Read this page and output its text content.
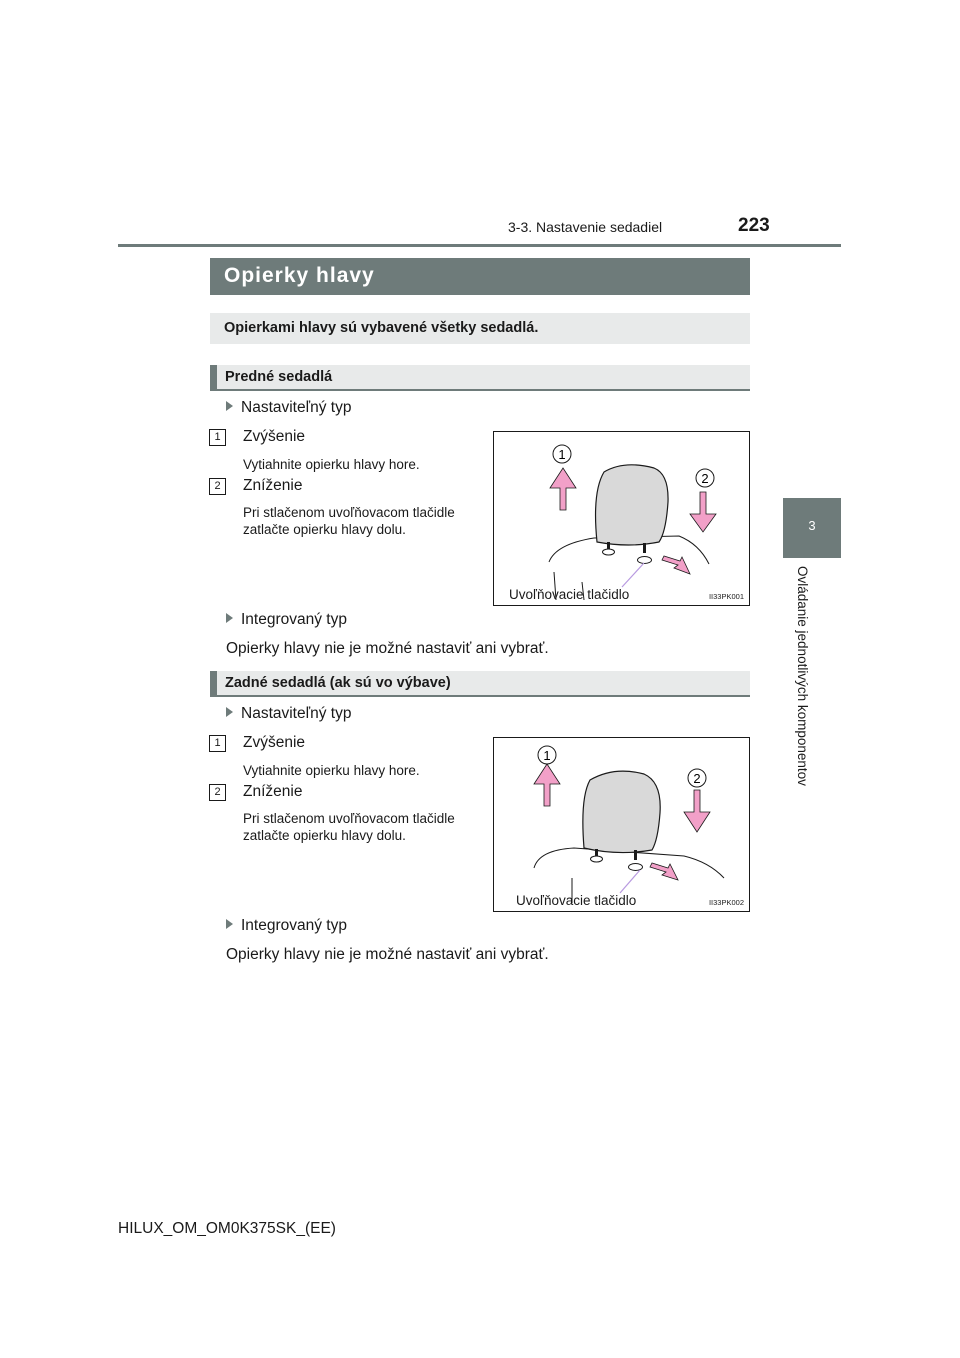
3-3. Nastavenie sedadiel	223
3
Ovládanie jednotlivých komponentov
Opierky hlavy
Opierkami hlavy sú vybavené všetky sedadlá.
Predné sedadlá
Nastaviteľný typ
1	Zvýšenie
Vytiahnite opierku hlavy hore.
2	Zníženie
Pri stlačenom uvoľňovacom tlačidle zatlačte opierku hlavy dolu.
1
2
Uvoľňovacie tlačidlo	II33PK001
Integrovaný typ
Opierky hlavy nie je možné nastaviť ani vybrať.
Zadné sedadlá (ak sú vo výbave)
Nastaviteľný typ
1	Zvýšenie
Vytiahnite opierku hlavy hore.
2	Zníženie
Pri stlačenom uvoľňovacom tlačidle zatlačte opierku hlavy dolu.
1
2
Uvoľňovacie tlačidlo	II33PK002
Integrovaný typ
Opierky hlavy nie je možné nastaviť ani vybrať.
HILUX_OM_OM0K375SK_(EE)
